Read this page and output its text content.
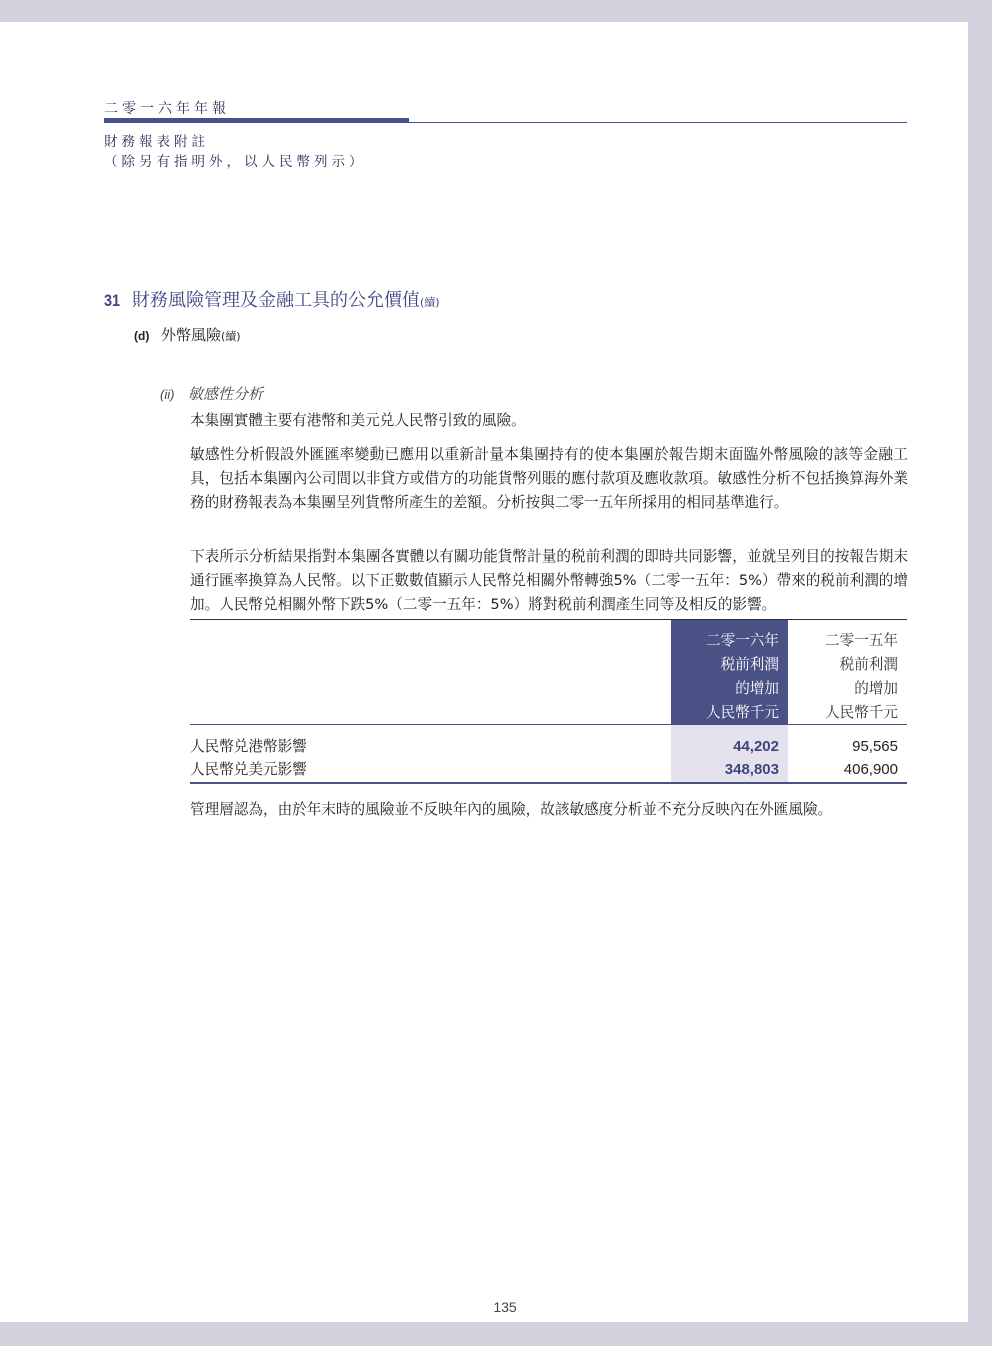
二零一六年年報
財務報表附註
（除另有指明外，以人民幣列示）
31 財務風險管理及金融工具的公允價值(續)
(d) 外幣風險(續)
(ii) 敏感性分析
本集團實體主要有港幣和美元兑人民幣引致的風險。
敏感性分析假設外匯匯率變動已應用以重新計量本集團持有的使本集團於報告期末面臨外幣風險的該等金融工具，包括本集團內公司間以非貸方或借方的功能貨幣列賬的應付款項及應收款項。敏感性分析不包括換算海外業務的財務報表為本集團呈列貨幣所產生的差額。分析按與二零一五年所採用的相同基準進行。
下表所示分析結果指對本集團各實體以有關功能貨幣計量的税前利潤的即時共同影響，並就呈列目的按報告期末通行匯率換算為人民幣。以下正數數值顯示人民幣兑相關外幣轉強5%（二零一五年：5%）帶來的税前利潤的增加。人民幣兑相關外幣下跌5%（二零一五年：5%）將對税前利潤產生同等及相反的影響。
二零一六年
税前利潤
的增加
人民幣千元
二零一五年
税前利潤
的增加
人民幣千元
人民幣兑港幣影響	44,202	95,565
人民幣兑美元影響	348,803	406,900
管理層認為，由於年末時的風險並不反映年內的風險，故該敏感度分析並不充分反映內在外匯風險。
135
